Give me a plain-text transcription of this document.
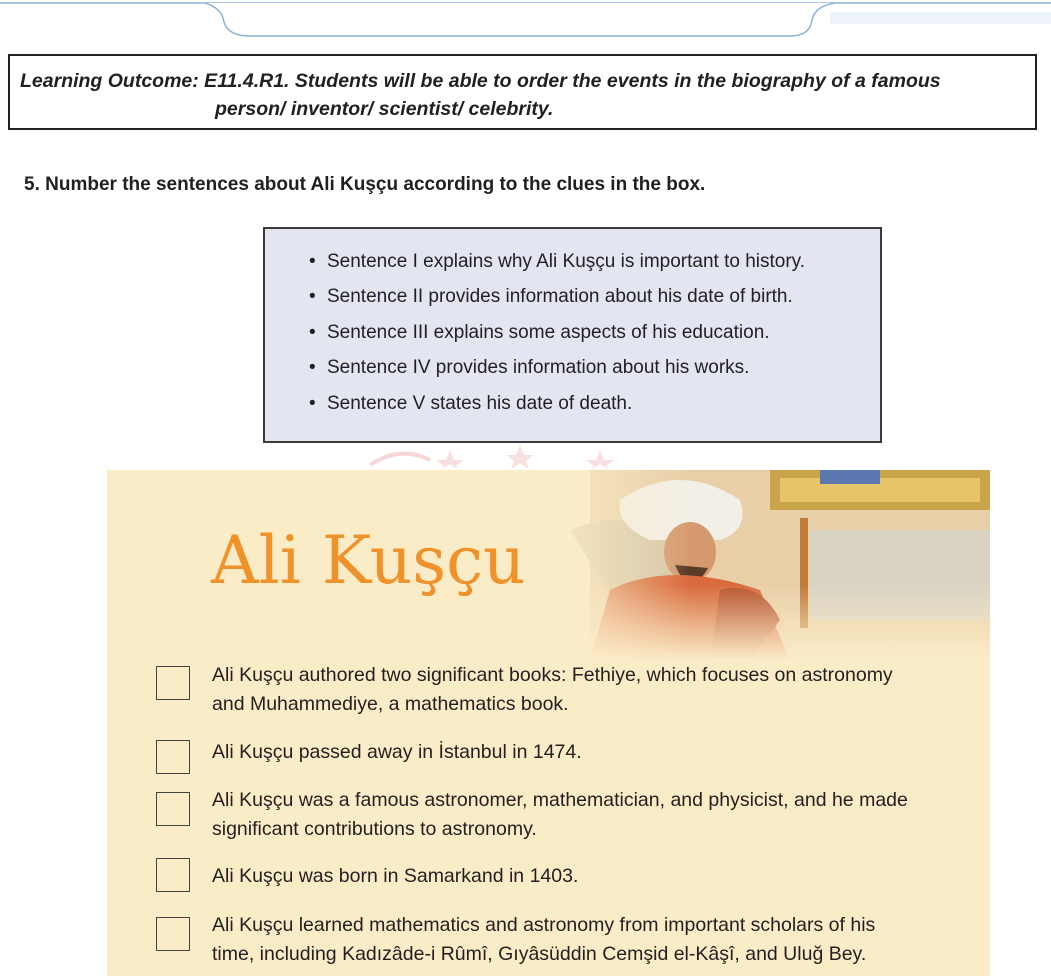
Learning Outcome: E11.4.R1. Students will be able to order the events in the biography of a famous
person/ inventor/ scientist/ celebrity.
5. Number the sentences about Ali Kuşçu according to the clues in the box.
• Sentence I explains why Ali Kuşçu is important to history.
• Sentence II provides information about his date of birth.
• Sentence III explains some aspects of his education.
• Sentence IV provides information about his works.
• Sentence V states his date of death.
Ali Kuşçu
Ali Kuşçu authored two significant books: Fethiye, which focuses on astronomy
and Muhammediye, a mathematics book.
Ali Kuşçu passed away in İstanbul in 1474.
Ali Kuşçu was a famous astronomer, mathematician, and physicist, and he made
significant contributions to astronomy.
Ali Kuşçu was born in Samarkand in 1403.
Ali Kuşçu learned mathematics and astronomy from important scholars of his
time, including Kadızâde-i Rûmî, Gıyâsüddin Cemşid el-Kâşî, and Uluğ Bey.
